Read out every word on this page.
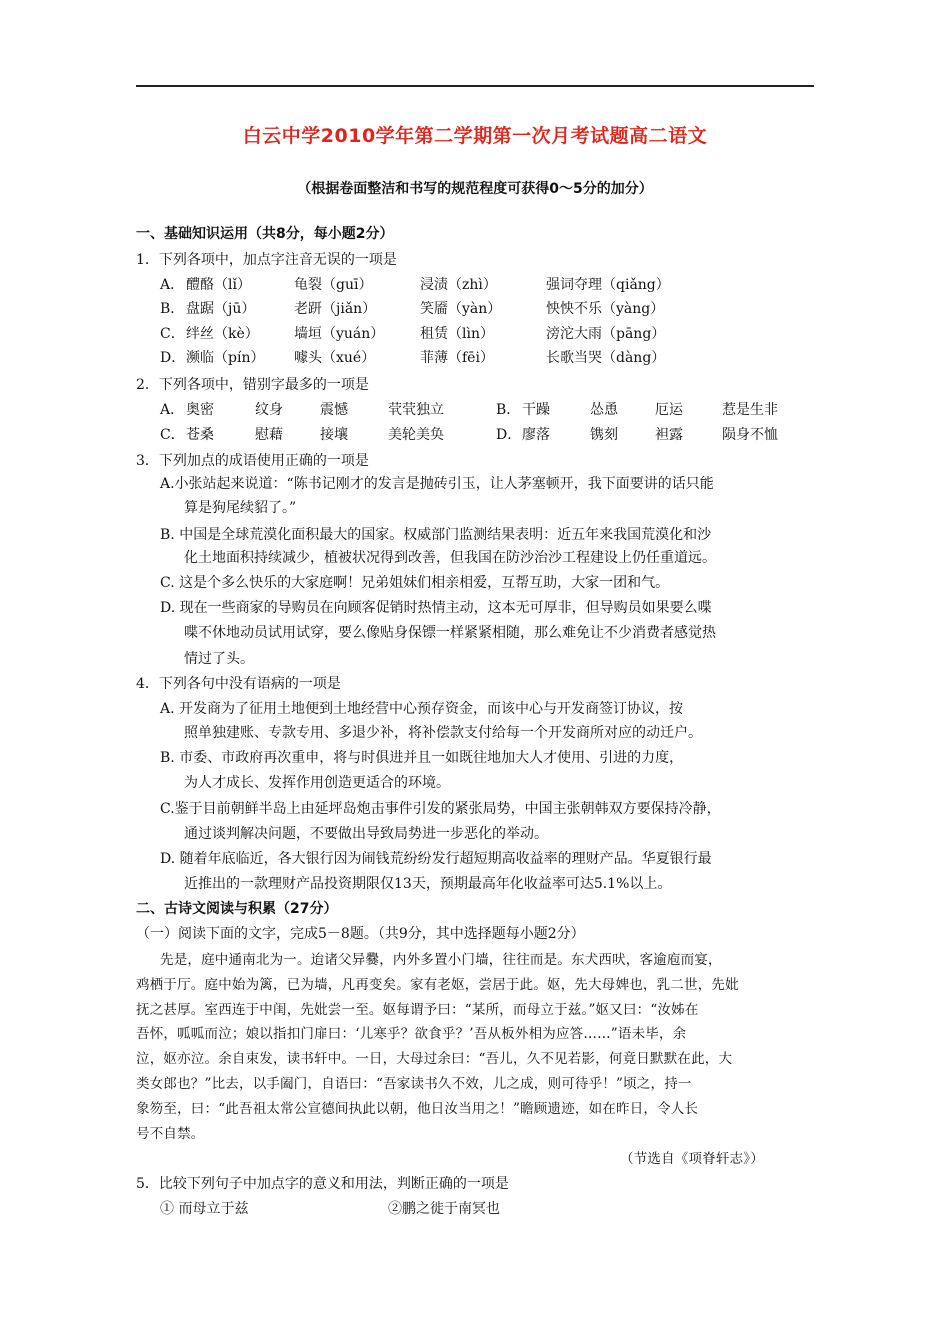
白云中学2010学年第二学期第一次月考试题高二语文
（根据卷面整洁和书写的规范程度可获得0～5分的加分）
一、基础知识运用（共8分，每小题2分）
1．下列各项中，加点字注音无误的一项是
A． 醴酪（lǐ）	龟裂（guī）	浸渍（zhì）	强词夺理（qiǎng）
B． 盘踞（jū）	老趼（jiǎn）	笑靥（yàn）	怏怏不乐（yàng）
C． 绊丝（kè）	墙垣（yuán）	租赁（lìn）	滂沱大雨（pāng）
D． 濒临（pín） 噱头（xué）	菲薄（fēi）	长歌当哭（dàng）
2．下列各项中，错别字最多的一项是
A． 奥密	纹身	震憾	茕茕独立	B． 干躁	怂恿	厄运	惹是生非
C． 苍桑	慰藉	接壤	美轮美奂	D． 廖落	镌刻	袒露	陨身不恤
3．下列加点的成语使用正确的一项是
A.小张站起来说道：“陈书记刚才的发言是抛砖引玉，让人茅塞顿开，我下面要讲的话只能
算是狗尾续貂了。”
B. 中国是全球荒漠化面积最大的国家。权威部门监测结果表明：近五年来我国荒漠化和沙
化土地面积持续减少，植被状况得到改善，但我国在防沙治沙工程建设上仍任重道远。
C. 这是个多么快乐的大家庭啊！兄弟姐妹们相亲相爱，互帮互助，大家一团和气。
D. 现在一些商家的导购员在向顾客促销时热情主动，这本无可厚非，但导购员如果要么喋
喋不休地动员试用试穿，要么像贴身保镖一样紧紧相随，那么难免让不少消费者感觉热
情过了头。
4．下列各句中没有语病的一项是
A. 开发商为了征用土地便到土地经营中心预存资金，而该中心与开发商签订协议，按
照单独建账、专款专用、多退少补，将补偿款支付给每一个开发商所对应的动迁户。
B. 市委、市政府再次重申，将与时俱进并且一如既往地加大人才使用、引进的力度，
为人才成长、发挥作用创造更适合的环境。
C.鉴于目前朝鲜半岛上由延坪岛炮击事件引发的紧张局势，中国主张朝韩双方要保持冷静，
通过谈判解决问题，不要做出导致局势进一步恶化的举动。
D. 随着年底临近，各大银行因为闹钱荒纷纷发行超短期高收益率的理财产品。华夏银行最
近推出的一款理财产品投资期限仅13天，预期最高年化收益率可达5.1%以上。
二、古诗文阅读与积累（27分）
（一）阅读下面的文字，完成5－8题。（共9分，其中选择题每小题2分）
先是，庭中通南北为一。迨诸父异爨，内外多置小门墙，往往而是。东犬西吠，客逾庖而宴，
鸡栖于厅。庭中始为篱，已为墙，凡再变矣。家有老妪，尝居于此。妪，先大母婢也，乳二世，先妣
抚之甚厚。室西连于中闺，先妣尝一至。妪每谓予曰：“某所，而母立于兹。”妪又曰：“汝姊在
吾怀，呱呱而泣；娘以指扣门扉曰：‘儿寒乎？欲食乎？’吾从板外相为应答……”语未毕，余
泣，妪亦泣。余自束发，读书轩中。一日，大母过余曰：“吾儿，久不见若影，何竟日默默在此，大
类女郎也？”比去，以手阖门，自语曰：“吾家读书久不效，儿之成，则可待乎！”顷之，持一
象笏至，曰：“此吾祖太常公宣德间执此以朝，他日汝当用之！”瞻顾遗迹，如在昨日，令人长
号不自禁。
（节选自《项脊轩志》）
5．比较下列句子中加点字的意义和用法，判断正确的一项是
① 而母立于兹	②鹏之徙于南冥也
